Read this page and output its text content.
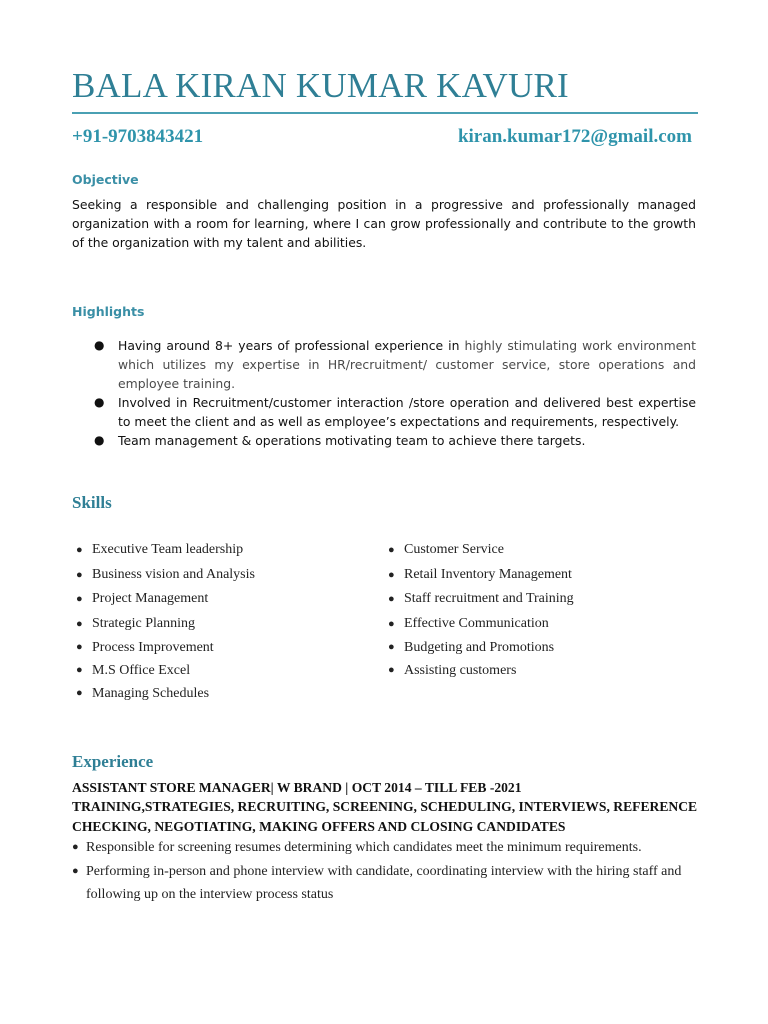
BALA KIRAN KUMAR KAVURI
+91-9703843421	kiran.kumar172@gmail.com
Objective
Seeking a responsible and challenging position in a progressive and professionally managed organization with a room for learning, where I can grow professionally and contribute to the growth of the organization with my talent and abilities.
Highlights
● Having around 8+ years of professional experience in highly stimulating work environment which utilizes my expertise in HR/recruitment/ customer service, store operations and employee training.
● Involved in Recruitment/customer interaction /store operation and delivered best expertise to meet the client and as well as employee’s expectations and requirements, respectively.
● Team management & operations motivating team to achieve there targets.
Skills
● Executive Team leadership
● Business vision and Analysis
● Project Management
● Strategic Planning
● Process Improvement
● M.S Office Excel
● Managing Schedules
● Customer Service
● Retail Inventory Management
● Staff recruitment and Training
● Effective Communication
● Budgeting and Promotions
● Assisting customers
Experience
ASSISTANT STORE MANAGER| W BRAND | OCT 2014 – TILL FEB -2021
TRAINING,STRATEGIES, RECRUITING, SCREENING, SCHEDULING, INTERVIEWS, REFERENCE CHECKING, NEGOTIATING, MAKING OFFERS AND CLOSING CANDIDATES
● Responsible for screening resumes determining which candidates meet the minimum requirements.
● Performing in-person and phone interview with candidate, coordinating interview with the hiring staff and following up on the interview process status
